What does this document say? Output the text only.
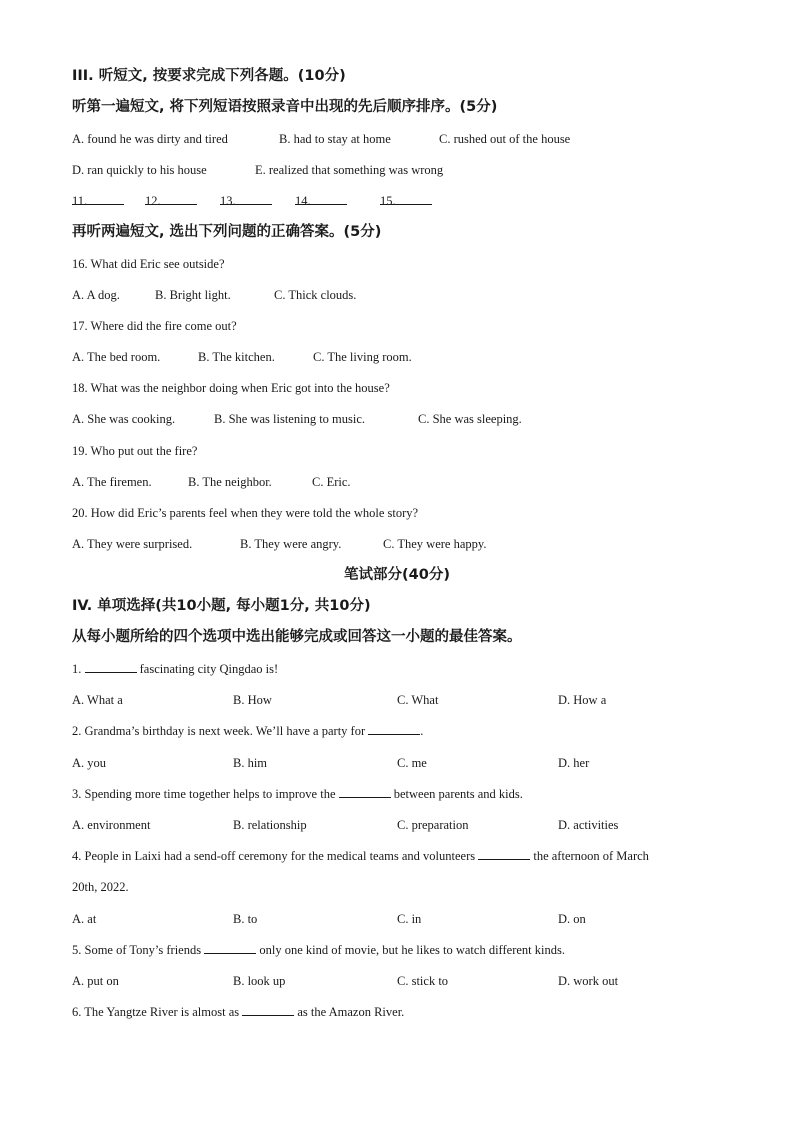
III. 听短文, 按要求完成下列各题。(10分)
听第一遍短文, 将下列短语按照录音中出现的先后顺序排序。(5分)
A. found he was dirty and tired	B. had to stay at home	C. rushed out of the house
D. ran quickly to his house	E. realized that something was wrong
11.	12.	13.	14.	15.
再听两遍短文, 选出下列问题的正确答案。(5分)
16. What did Eric see outside?
A. A dog.	B. Bright light.	C. Thick clouds.
17. Where did the fire come out?
A. The bed room.	B. The kitchen.	C. The living room.
18. What was the neighbor doing when Eric got into the house?
A. She was cooking.	B. She was listening to music.	C. She was sleeping.
19. Who put out the fire?
A. The firemen.	B. The neighbor.	C. Eric.
20. How did Eric’s parents feel when they were told the whole story?
A. They were surprised.	B. They were angry.	C. They were happy.
笔试部分(40分)
IV. 单项选择(共10小题, 每小题1分, 共10分)
从每小题所给的四个选项中选出能够完成或回答这一小题的最佳答案。
1.	fascinating city Qingdao is!
A. What a	B. How	C. What	D. How a
2. Grandma’s birthday is next week. We’ll have a party for	.
A. you	B. him	C. me	D. her
3. Spending more time together helps to improve the	between parents and kids.
A. environment	B. relationship	C. preparation	D. activities
4. People in Laixi had a send-off ceremony for the medical teams and volunteers	the afternoon of March
20th, 2022.
A. at	B. to	C. in	D. on
5. Some of Tony’s friends	only one kind of movie, but he likes to watch different kinds.
A. put on	B. look up	C. stick to	D. work out
6. The Yangtze River is almost as	as the Amazon River.
